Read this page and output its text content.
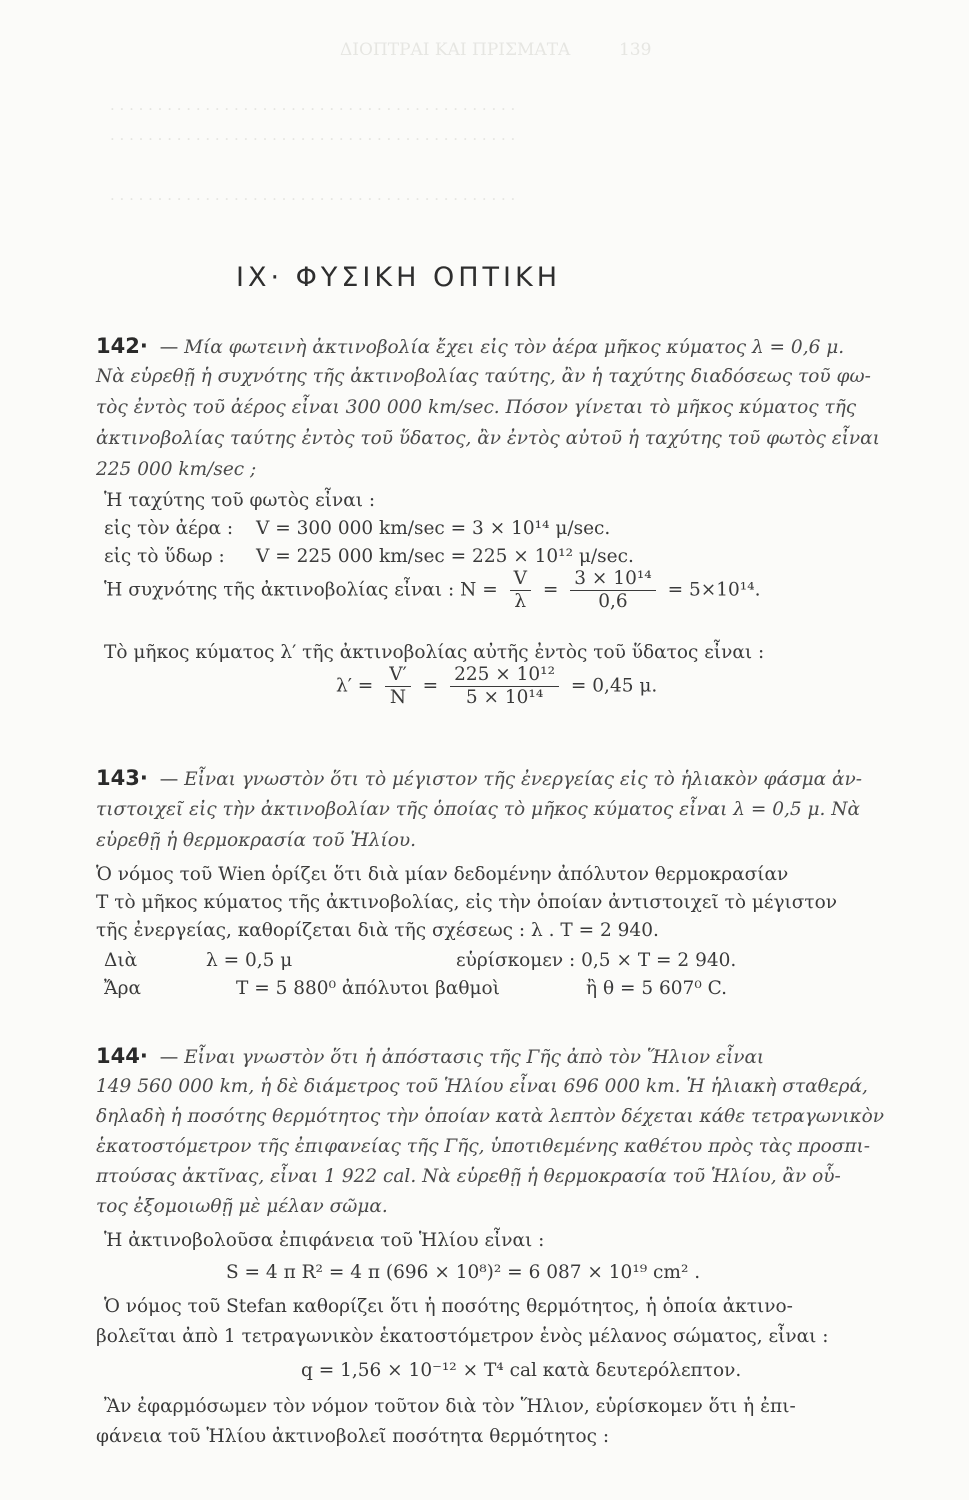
ΔΙΟΠΤΡΑΙ ΚΑΙ ΠΡΙΣΜΑΤΑ         139
· · · · · · · · · · · · · · · · · · · · · · · · · · · · · · · · · · · · · · · · · · ·
· · · · · · · · · · · · · · · · · · · · · · · · · · · · · · · · · · · · · · · · · · ·
· · · · · · · · · · · · · · · · · · · · · · · · · · · · · · · · · · · · · · · · · · ·
IX· ΦΥΣΙΚΗ ΟΠΤΙΚΗ
142· — Μία φωτεινὴ ἀκτινοβολία ἔχει εἰς τὸν ἀέρα μῆκος κύματος λ = 0,6 μ.
Νὰ εὑρεθῇ ἡ συχνότης τῆς ἀκτινοβολίας ταύτης, ἂν ἡ ταχύτης διαδόσεως τοῦ φω-
τὸς ἐντὸς τοῦ ἀέρος εἶναι 300 000 km/sec. Πόσον γίνεται τὸ μῆκος κύματος τῆς
ἀκτινοβολίας ταύτης ἐντὸς τοῦ ὕδατος, ἂν ἐντὸς αὐτοῦ ἡ ταχύτης τοῦ φωτὸς εἶναι
225 000 km/sec ;
Ἡ ταχύτης τοῦ φωτὸς εἶναι :
εἰς τὸν ἀέρα : V = 300 000 km/sec = 3 × 10¹⁴ μ/sec.
εἰς τὸ ὕδωρ : V = 225 000 km/sec = 225 × 10¹² μ/sec.
Ἡ συχνότης τῆς ἀκτινοβολίας εἶναι : $N = \frac{V}{\lambda} = \frac{\text{3 × 10¹⁴}}{0,6} = 5\times 10^{14}$.
Τὸ μῆκος κύματος λ′ τῆς ἀκτινοβολίας αὐτῆς ἐντὸς τοῦ ὕδατος εἶναι :
$\lambda' = \frac{V'}{N} = \frac{\text{225 × 10¹²}}{\text{5 × 10¹⁴}} = 0,45$ μ.
143· — Εἶναι γνωστὸν ὅτι τὸ μέγιστον τῆς ἐνεργείας εἰς τὸ ἡλιακὸν φάσμα ἀν-
τιστοιχεῖ εἰς τὴν ἀκτινοβολίαν τῆς ὁποίας τὸ μῆκος κύματος εἶναι λ = 0,5 μ. Νὰ
εὑρεθῇ ἡ θερμοκρασία τοῦ Ἡλίου.
Ὁ νόμος τοῦ Wien ὁρίζει ὅτι διὰ μίαν δεδομένην ἀπόλυτον θερμοκρασίαν
T τὸ μῆκος κύματος τῆς ἀκτινοβολίας, εἰς τὴν ὁποίαν ἀντιστοιχεῖ τὸ μέγιστον
τῆς ἐνεργείας, καθορίζεται διὰ τῆς σχέσεως : λ . T = 2 940.
Διὰ	λ = 0,5 μ	εὑρίσκομεν : 0,5 × T = 2 940.
Ἄρα	T = 5 880⁰ ἀπόλυτοι βαθμοὶ	ἢ θ = 5 607⁰ C.
144· — Εἶναι γνωστὸν ὅτι ἡ ἀπόστασις τῆς Γῆς ἀπὸ τὸν Ἥλιον εἶναι
149 560 000 km, ἡ δὲ διάμετρος τοῦ Ἡλίου εἶναι 696 000 km. Ἡ ἡλιακὴ σταθερά,
δηλαδὴ ἡ ποσότης θερμότητος τὴν ὁποίαν κατὰ λεπτὸν δέχεται κάθε τετραγωνικὸν
ἑκατοστόμετρον τῆς ἐπιφανείας τῆς Γῆς, ὑποτιθεμένης καθέτου πρὸς τὰς προσπι-
πτούσας ἀκτῖνας, εἶναι 1 922 cal. Νὰ εὑρεθῇ ἡ θερμοκρασία τοῦ Ἡλίου, ἂν οὗ-
τος ἐξομοιωθῇ μὲ μέλαν σῶμα.
Ἡ ἀκτινοβολοῦσα ἐπιφάνεια τοῦ Ἡλίου εἶναι :
S = 4 π R² = 4 π (696 × 10⁸)² = 6 087 × 10¹⁹ cm² .
Ὁ νόμος τοῦ Stefan καθορίζει ὅτι ἡ ποσότης θερμότητος, ἡ ὁποία ἀκτινο-
βολεῖται ἀπὸ 1 τετραγωνικὸν ἑκατοστόμετρον ἑνὸς μέλανος σώματος, εἶναι :
q = 1,56 × 10⁻¹² × T⁴ cal κατὰ δευτερόλεπτον.
Ἂν ἐφαρμόσωμεν τὸν νόμον τοῦτον διὰ τὸν Ἥλιον, εὑρίσκομεν ὅτι ἡ ἐπι-
φάνεια τοῦ Ἡλίου ἀκτινοβολεῖ ποσότητα θερμότητος :
